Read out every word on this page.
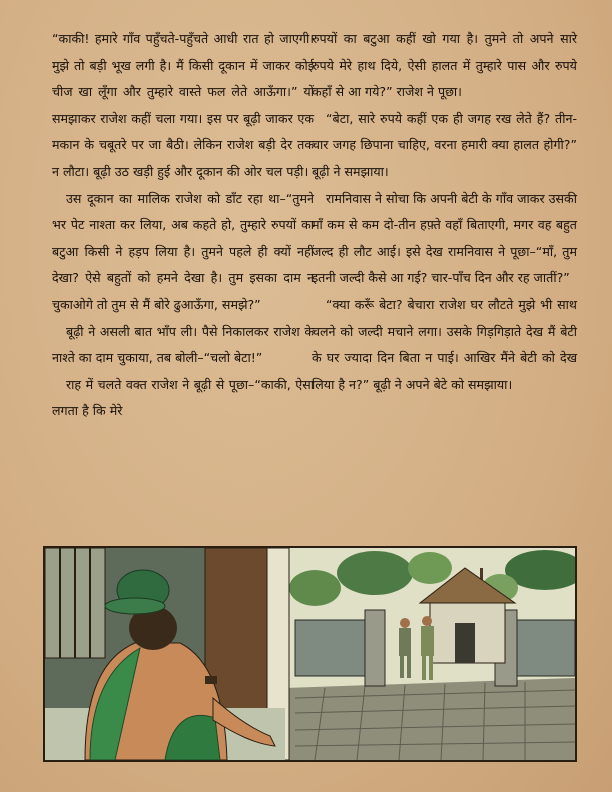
“काकी! हमारे गाँव पहुँचते-पहुँचते आधी रात हो जाएगी। मुझे तो बड़ी भूख लगी है। मैं किसी दूकान में जाकर कोई चीज खा लूँगा और तुम्हारे वास्ते फल लेते आऊँगा।” यों समझाकर राजेश कहीं चला गया। इस पर बूढ़ी जाकर एक मकान के चबूतरे पर जा बैठी। लेकिन राजेश बड़ी देर तक न लौटा। बूढ़ी उठ खड़ी हुई और दूकान की ओर चल पड़ी।

उस दूकान का मालिक राजेश को डाँट रहा था–“तुमने भर पेट नाश्ता कर लिया, अब कहते हो, तुम्हारे रुपयों का बटुआ किसी ने हड़प लिया है। तुमने पहले ही क्यों नहीं देखा? ऐसे बहुतों को हमने देखा है। तुम इसका दाम न चुकाओगे तो तुम से मैं बोरे ढुआऊँगा, समझे?”

बूढ़ी ने असली बात भाँप ली। पैसे निकालकर राजेश के नाश्ते का दाम चुकाया, तब बोली–“चलो बेटा!”

राह में चलते वक्त राजेश ने बूढ़ी से पूछा–“काकी, ऐसा लगता है कि मेरे

रुपयों का बटुआ कहीं खो गया है। तुमने तो अपने सारे रुपये मेरे हाथ दिये, ऐसी हालत में तुम्हारे पास और रुपये कहाँ से आ गये?” राजेश ने पूछा।

“बेटा, सारे रुपये कहीं एक ही जगह रख लेते हैं? तीन-चार जगह छिपाना चाहिए, वरना हमारी क्या हालत होगी?” बूढ़ी ने समझाया।

रामनिवास ने सोचा कि अपनी बेटी के गाँव जाकर उसकी माँ कम से कम दो-तीन हफ़्ते वहाँ बिताएगी, मगर वह बहुत जल्द ही लौट आई। इसे देख रामनिवास ने पूछा–“माँ, तुम इतनी जल्दी कैसे आ गई? चार-पाँच दिन और रह जातीं?”

“क्या करूँ बेटा? बेचारा राजेश घर लौटते मुझे भी साथ चलने को जल्दी मचाने लगा। उसके गिड़गिड़ाते देख मैं बेटी के घर ज्यादा दिन बिता न पाई। आखिर मैंने बेटी को देख लिया है न?” बूढ़ी ने अपने बेटे को समझाया।
